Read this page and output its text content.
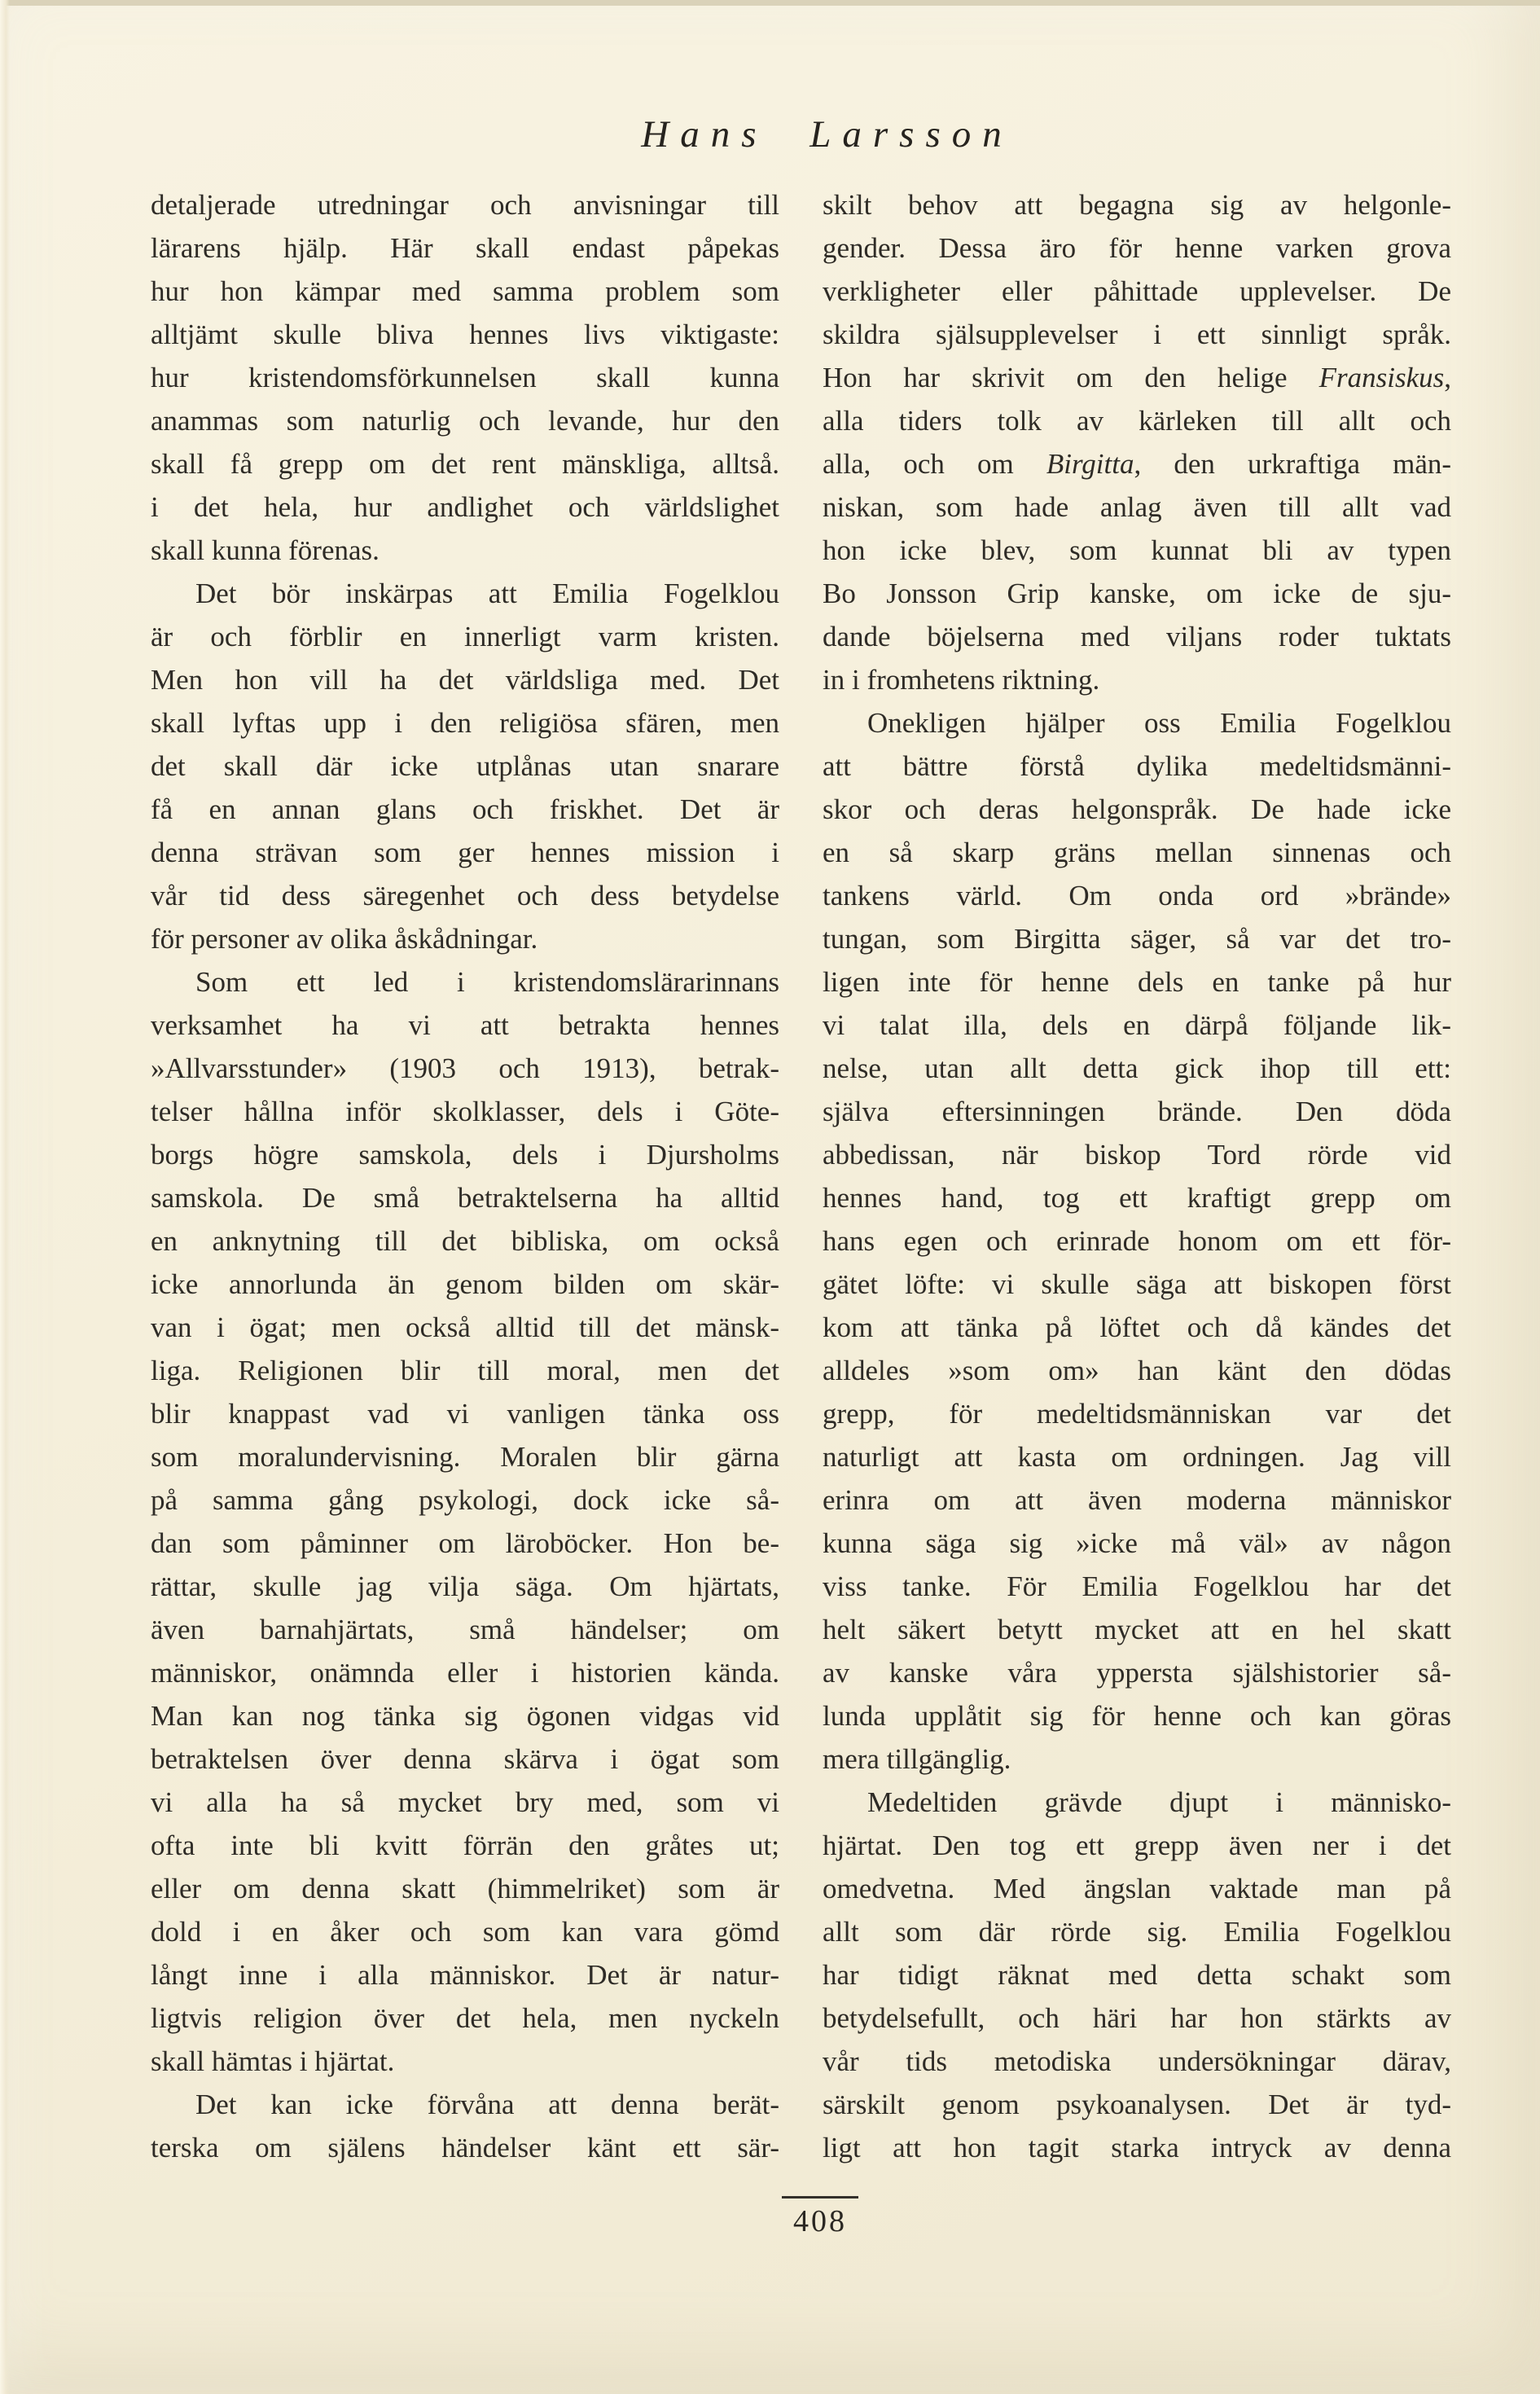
Hans Larsson
detaljerade utredningar och anvisningar till
lärarens hjälp. Här skall endast påpekas
hur hon kämpar med samma problem som
alltjämt skulle bliva hennes livs viktigaste:
hur kristendomsförkunnelsen skall kunna
anammas som naturlig och levande, hur den
skall få grepp om det rent mänskliga, alltså.
i det hela, hur andlighet och världslighet
skall kunna förenas.
Det bör inskärpas att Emilia Fogelklou
är och förblir en innerligt varm kristen.
Men hon vill ha det världsliga med. Det
skall lyftas upp i den religiösa sfären, men
det skall där icke utplånas utan snarare
få en annan glans och friskhet. Det är
denna strävan som ger hennes mission i
vår tid dess säregenhet och dess betydelse
för personer av olika åskådningar.
Som ett led i kristendomslärarinnans
verksamhet ha vi att betrakta hennes
»Allvarsstunder» (1903 och 1913), betrak-
telser hållna inför skolklasser, dels i Göte-
borgs högre samskola, dels i Djursholms
samskola. De små betraktelserna ha alltid
en anknytning till det bibliska, om också
icke annorlunda än genom bilden om skär-
van i ögat; men också alltid till det mänsk-
liga. Religionen blir till moral, men det
blir knappast vad vi vanligen tänka oss
som moralundervisning. Moralen blir gärna
på samma gång psykologi, dock icke så-
dan som påminner om läroböcker. Hon be-
rättar, skulle jag vilja säga. Om hjärtats,
även barnahjärtats, små händelser; om
människor, onämnda eller i historien kända.
Man kan nog tänka sig ögonen vidgas vid
betraktelsen över denna skärva i ögat som
vi alla ha så mycket bry med, som vi
ofta inte bli kvitt förrän den gråtes ut;
eller om denna skatt (himmelriket) som är
dold i en åker och som kan vara gömd
långt inne i alla människor. Det är natur-
ligtvis religion över det hela, men nyckeln
skall hämtas i hjärtat.
Det kan icke förvåna att denna berät-
terska om själens händelser känt ett sär-
skilt behov att begagna sig av helgonle-
gender. Dessa äro för henne varken grova
verkligheter eller påhittade upplevelser. De
skildra själsupplevelser i ett sinnligt språk.
Hon har skrivit om den helige Fransiskus,
alla tiders tolk av kärleken till allt och
alla, och om Birgitta, den urkraftiga män-
niskan, som hade anlag även till allt vad
hon icke blev, som kunnat bli av typen
Bo Jonsson Grip kanske, om icke de sju-
dande böjelserna med viljans roder tuktats
in i fromhetens riktning.
Onekligen hjälper oss Emilia Fogelklou
att bättre förstå dylika medeltidsmänni-
skor och deras helgonspråk. De hade icke
en så skarp gräns mellan sinnenas och
tankens värld. Om onda ord »brände»
tungan, som Birgitta säger, så var det tro-
ligen inte för henne dels en tanke på hur
vi talat illa, dels en därpå följande lik-
nelse, utan allt detta gick ihop till ett:
själva eftersinningen brände. Den döda
abbedissan, när biskop Tord rörde vid
hennes hand, tog ett kraftigt grepp om
hans egen och erinrade honom om ett för-
gätet löfte: vi skulle säga att biskopen först
kom att tänka på löftet och då kändes det
alldeles »som om» han känt den dödas
grepp, för medeltidsmänniskan var det
naturligt att kasta om ordningen. Jag vill
erinra om att även moderna människor
kunna säga sig »icke må väl» av någon
viss tanke. För Emilia Fogelklou har det
helt säkert betytt mycket att en hel skatt
av kanske våra yppersta själshistorier så-
lunda upplåtit sig för henne och kan göras
mera tillgänglig.
Medeltiden grävde djupt i människo-
hjärtat. Den tog ett grepp även ner i det
omedvetna. Med ängslan vaktade man på
allt som där rörde sig. Emilia Fogelklou
har tidigt räknat med detta schakt som
betydelsefullt, och häri har hon stärkts av
vår tids metodiska undersökningar därav,
särskilt genom psykoanalysen. Det är tyd-
ligt att hon tagit starka intryck av denna
408
